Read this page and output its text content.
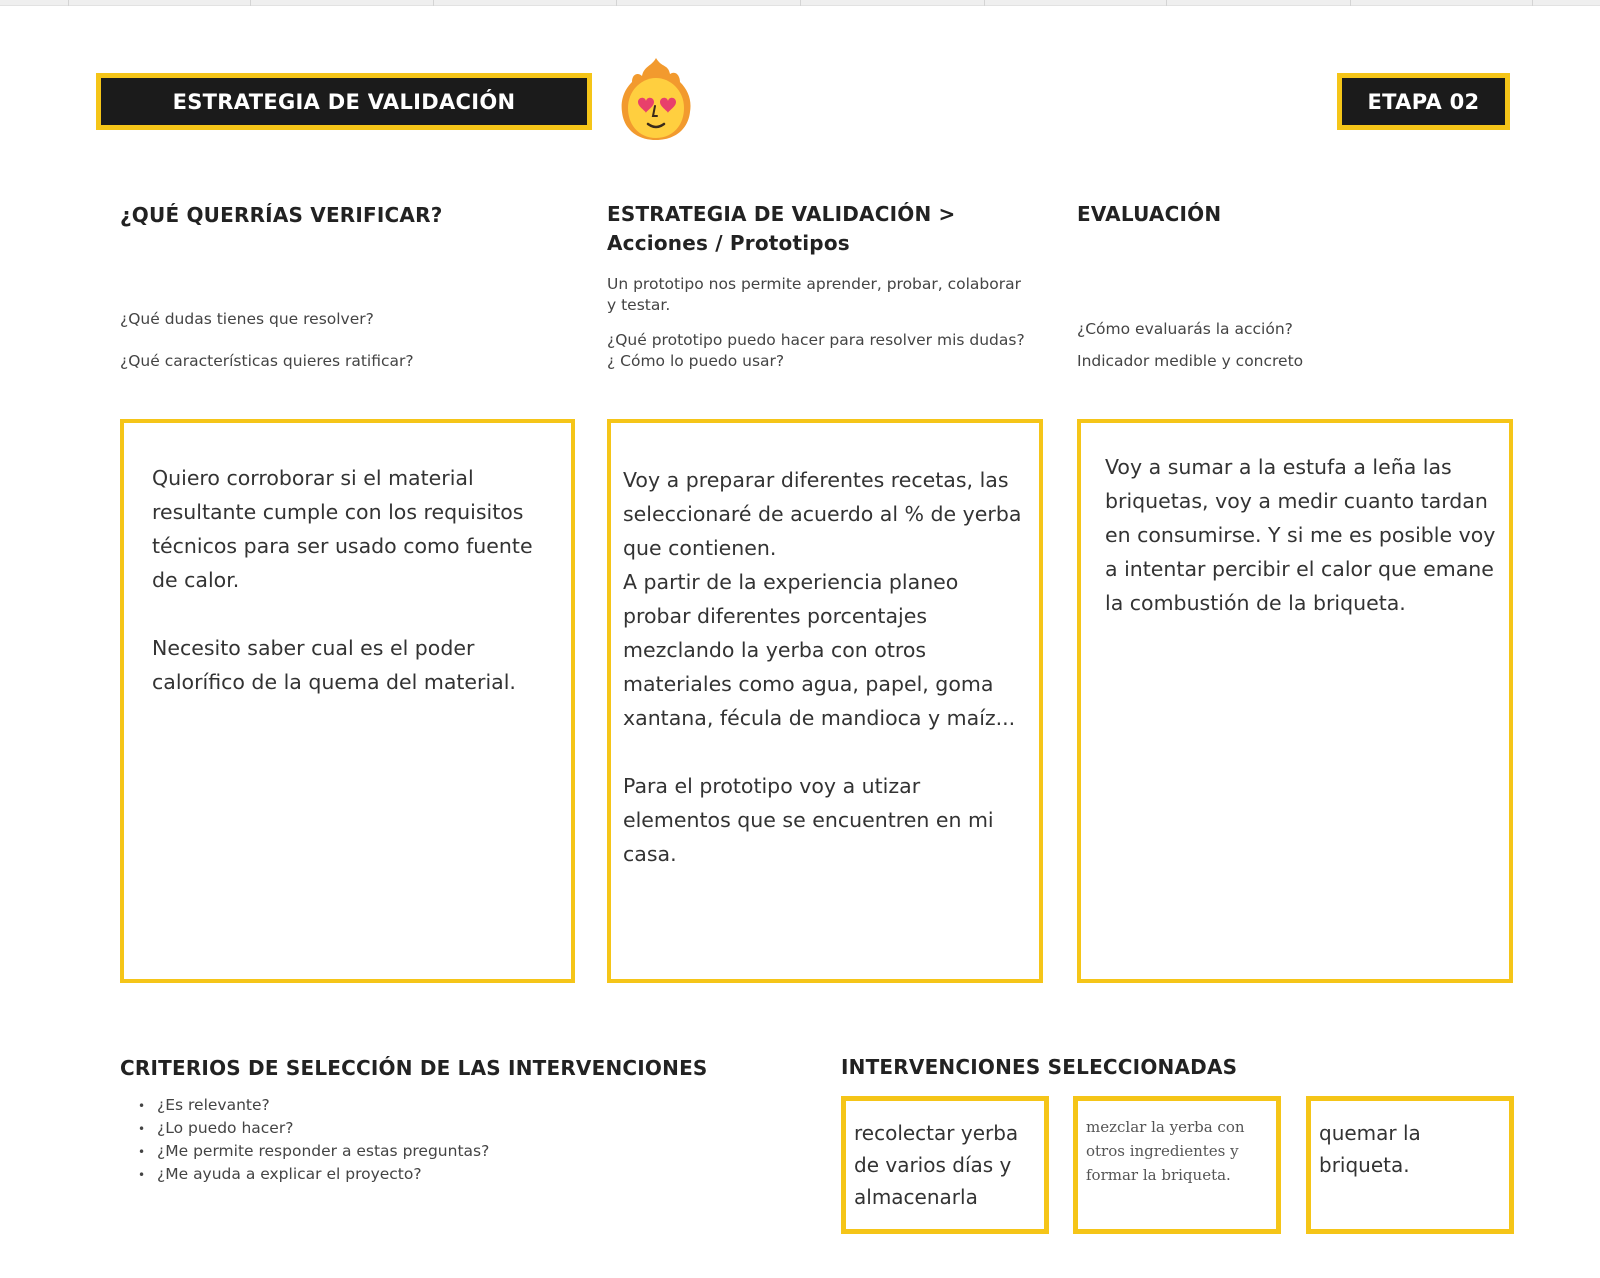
ESTRATEGIA DE VALIDACIÓN	ETAPA 02
¿QUÉ QUERRÍAS VERIFICAR?
¿Qué dudas tienes que resolver?
¿Qué características quieres ratificar?
ESTRATEGIA DE VALIDACIÓN > Acciones / Prototipos
Un prototipo nos permite aprender, probar, colaborar y testar.
¿Qué prototipo puedo hacer para resolver mis dudas? ¿ Cómo lo puedo usar?
EVALUACIÓN
¿Cómo evaluarás la acción?
Indicador medible y concreto
Quiero corroborar si el material resultante cumple con los requisitos técnicos para ser usado como fuente de calor.

Necesito saber cual es el poder calorífico de la quema del material.
Voy a preparar diferentes recetas, las seleccionaré de acuerdo al % de yerba que contienen.
A partir de la experiencia planeo probar diferentes porcentajes mezclando la yerba con otros materiales como agua, papel, goma xantana, fécula de mandioca y maíz...

Para el prototipo voy a utizar elementos que se encuentren en mi casa.
Voy a sumar a la estufa a leña las briquetas, voy a medir cuanto tardan en consumirse. Y si me es posible voy a intentar percibir el calor que emane la combustión de la briqueta.
CRITERIOS DE SELECCIÓN DE LAS INTERVENCIONES
• ¿Es relevante?
• ¿Lo puedo hacer?
• ¿Me permite responder a estas preguntas?
• ¿Me ayuda a explicar el proyecto?
INTERVENCIONES SELECCIONADAS
recolectar yerba de varios días y almacenarla
mezclar la yerba con otros ingredientes y formar la briqueta.
quemar la briqueta.
